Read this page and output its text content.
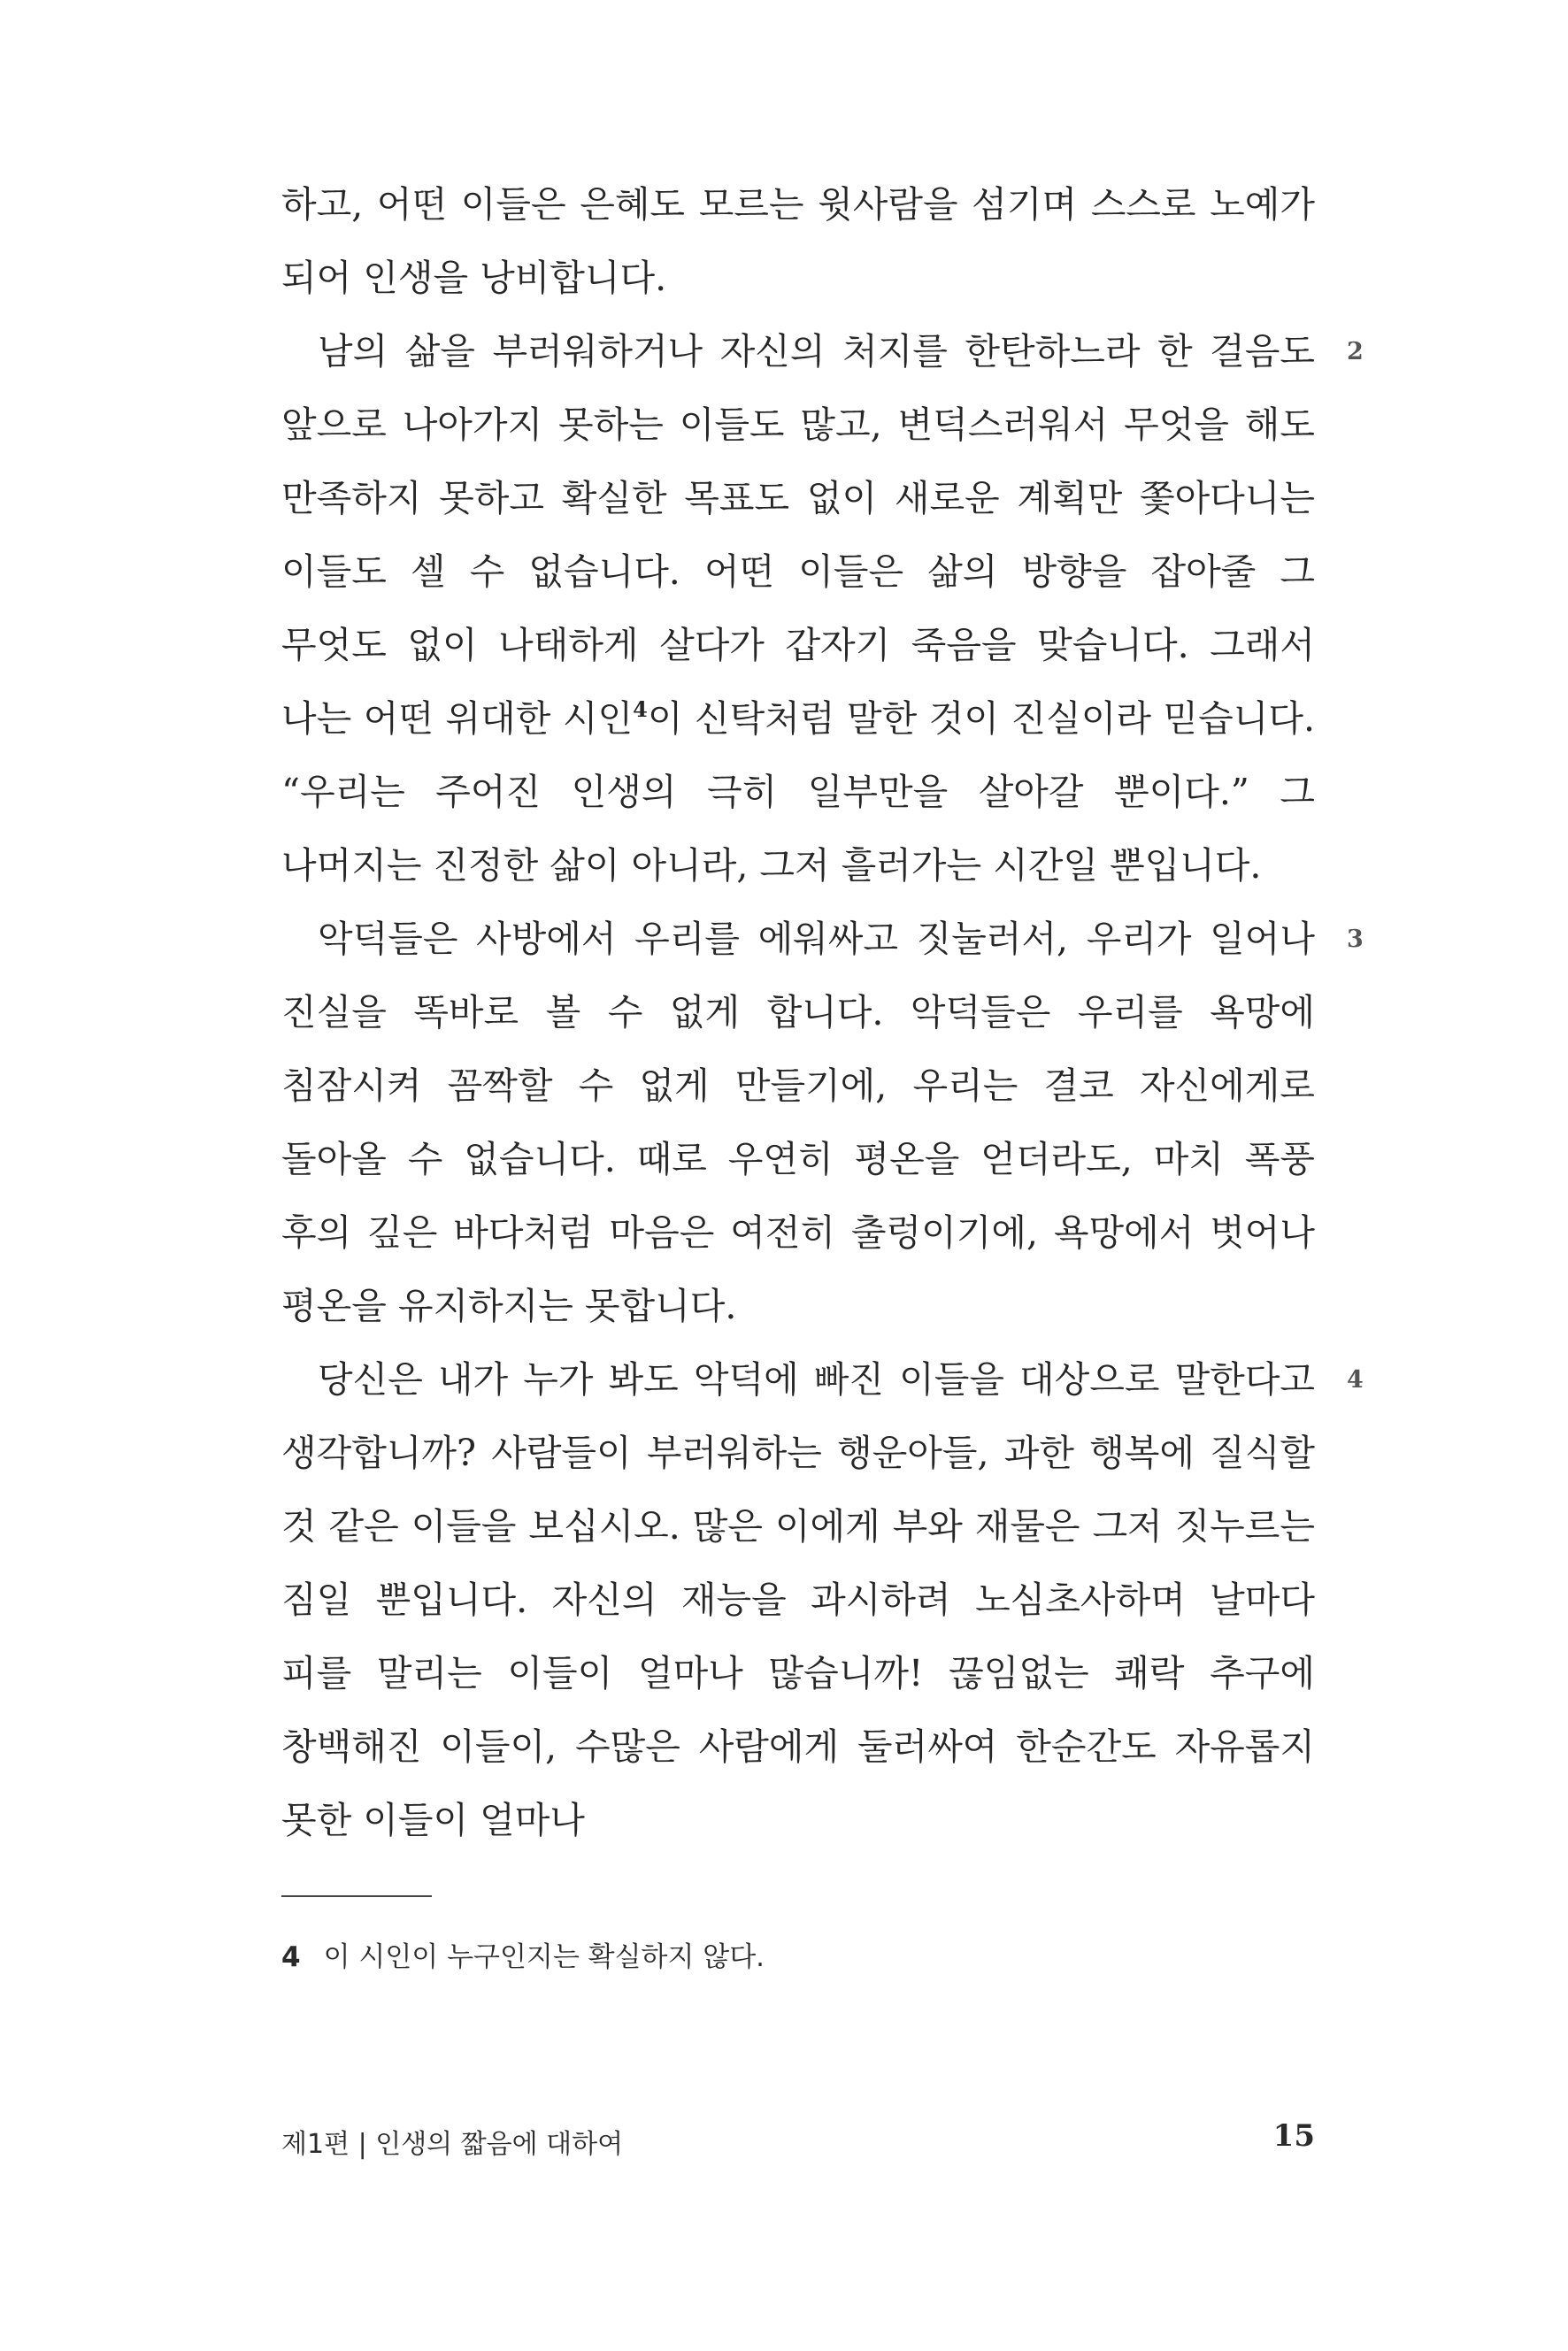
하고, 어떤 이들은 은혜도 모르는 윗사람을 섬기며 스스로 노예가 되어 인생을 낭비합니다.

2
남의 삶을 부러워하거나 자신의 처지를 한탄하느라 한 걸음도 앞으로 나아가지 못하는 이들도 많고, 변덕스러워서 무엇을 해도 만족하지 못하고 확실한 목표도 없이 새로운 계획만 쫓아다니는 이들도 셀 수 없습니다. 어떤 이들은 삶의 방향을 잡아줄 그 무엇도 없이 나태하게 살다가 갑자기 죽음을 맞습니다. 그래서 나는 어떤 위대한 시인$^4$이 신탁처럼 말한 것이 진실이라 믿습니다. “우리는 주어진 인생의 극히 일부만을 살아갈 뿐이다.” 그 나머지는 진정한 삶이 아니라, 그저 흘러가는 시간일 뿐입니다.

3
악덕들은 사방에서 우리를 에워싸고 짓눌러서, 우리가 일어나 진실을 똑바로 볼 수 없게 합니다. 악덕들은 우리를 욕망에 침잠시켜 꼼짝할 수 없게 만들기에, 우리는 결코 자신에게로 돌아올 수 없습니다. 때로 우연히 평온을 얻더라도, 마치 폭풍 후의 깊은 바다처럼 마음은 여전히 출렁이기에, 욕망에서 벗어나 평온을 유지하지는 못합니다.

4
당신은 내가 누가 봐도 악덕에 빠진 이들을 대상으로 말한다고 생각합니까? 사람들이 부러워하는 행운아들, 과한 행복에 질식할 것 같은 이들을 보십시오. 많은 이에게 부와 재물은 그저 짓누르는 짐일 뿐입니다. 자신의 재능을 과시하려 노심초사하며 날마다 피를 말리는 이들이 얼마나 많습니까! 끊임없는 쾌락 추구에 창백해진 이들이, 수많은 사람에게 둘러싸여 한순간도 자유롭지 못한 이들이 얼마나

4 이 시인이 누구인지는 확실하지 않다.
제1편 | 인생의 짧음에 대하여	15
